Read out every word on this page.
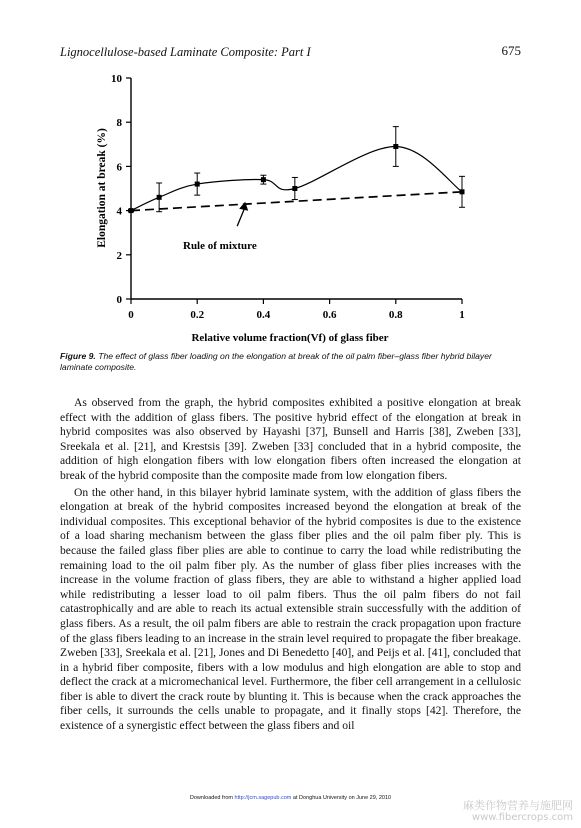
Lignocellulose-based Laminate Composite: Part I	675
Elongation at break (%)
Relative volume fraction(Vf) of glass fiber
0
2
4
6
8
10
0	0.2	0.4	0.6	0.8	1
Rule of mixture
Figure 9. The effect of glass fiber loading on the elongation at break of the oil palm fiber–glass fiber hybrid bilayer laminate composite.

As observed from the graph, the hybrid composites exhibited a positive elongation at break effect with the addition of glass fibers. The positive hybrid effect of the elongation at break in hybrid composites was also observed by Hayashi [37], Bunsell and Harris [38], Zweben [33], Sreekala et al. [21], and Krestsis [39]. Zweben [33] concluded that in a hybrid composite, the addition of high elongation fibers with low elongation fibers often increased the elongation at break of the hybrid composite than the composite made from low elongation fibers.

On the other hand, in this bilayer hybrid laminate system, with the addition of glass fibers the elongation at break of the hybrid composites increased beyond the elongation at break of the individual composites. This exceptional behavior of the hybrid composites is due to the existence of a load sharing mechanism between the glass fiber plies and the oil palm fiber ply. This is because the failed glass fiber plies are able to continue to carry the load while redistributing the remaining load to the oil palm fiber ply. As the number of glass fiber plies increases with the increase in the volume fraction of glass fibers, they are able to withstand a higher applied load while redistributing a lesser load to oil palm fibers. Thus the oil palm fibers do not fail catastrophically and are able to reach its actual extensible strain successfully with the addition of glass fibers. As a result, the oil palm fibers are able to restrain the crack propagation upon fracture of the glass fibers leading to an increase in the strain level required to propagate the fiber breakage. Zweben [33], Sreekala et al. [21], Jones and Di Benedetto [40], and Peijs et al. [41], concluded that in a hybrid fiber composite, fibers with a low modulus and high elongation are able to stop and deflect the crack at a micromechanical level. Furthermore, the fiber cell arrangement in a cellulosic fiber is able to divert the crack route by blunting it. This is because when the crack approaches the fiber cells, it surrounds the cells unable to propagate, and it finally stops [42]. Therefore, the existence of a synergistic effect between the glass fibers and oil

Downloaded from http://jcm.sagepub.com at Donghua University on June 29, 2010
麻类作物营养与施肥网
www.fibercrops.com
